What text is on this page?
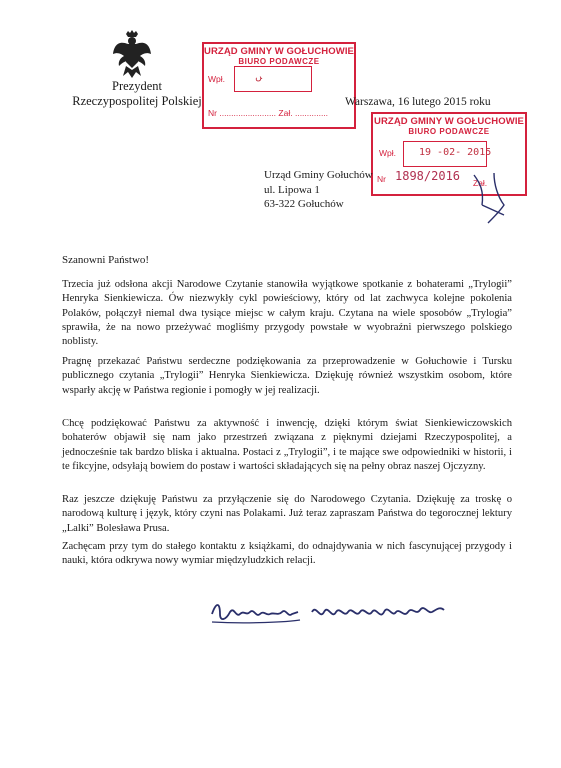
Prezydent
Rzeczypospolitej Polskiej
URZĄD GMINY W GOŁUCHOWIE
BIURO PODAWCZE
Wpł.	ﮟ
Nr ........................ Zał. ..............
Warszawa, 16 lutego 2015 roku
URZĄD GMINY W GOŁUCHOWIE
BIURO PODAWCZE
Wpł. 19 -02- 2015
Nr 1898/2016 Zał.
Urząd Gminy Gołuchów
ul. Lipowa 1
63-322 Gołuchów
Szanowni Państwo!
Trzecia już odsłona akcji Narodowe Czytanie stanowiła wyjątkowe spotkanie z bohaterami „Trylogii” Henryka Sienkiewicza. Ów niezwykły cykl powieściowy, który od lat zachwyca kolejne pokolenia Polaków, połączył niemal dwa tysiące miejsc w całym kraju. Czytana na wiele sposobów „Trylogia” sprawiła, że na nowo przeżywać mogliśmy przygody powstałe w wyobraźni pierwszego polskiego noblisty.
Pragnę przekazać Państwu serdeczne podziękowania za przeprowadzenie w Gołuchowie i Tursku publicznego czytania „Trylogii” Henryka Sienkiewicza. Dziękuję również wszystkim osobom, które wsparły akcję w Państwa regionie i pomogły w jej realizacji.
Chcę podziękować Państwu za aktywność i inwencję, dzięki którym świat Sienkiewiczowskich bohaterów objawił się nam jako przestrzeń związana z pięknymi dziejami Rzeczypospolitej, a jednocześnie tak bardzo bliska i aktualna. Postaci z „Trylogii”, i te mające swe odpowiedniki w historii, i te fikcyjne, odsyłają bowiem do postaw i wartości składających się na pełny obraz naszej Ojczyzny.
Raz jeszcze dziękuję Państwu za przyłączenie się do Narodowego Czytania. Dziękuję za troskę o narodową kulturę i język, który czyni nas Polakami. Już teraz zapraszam Państwa do tegorocznej lektury „Lalki” Bolesława Prusa.
Zachęcam przy tym do stałego kontaktu z książkami, do odnajdywania w nich fascynującej przygody i nauki, która odkrywa nowy wymiar międzyludzkich relacji.
